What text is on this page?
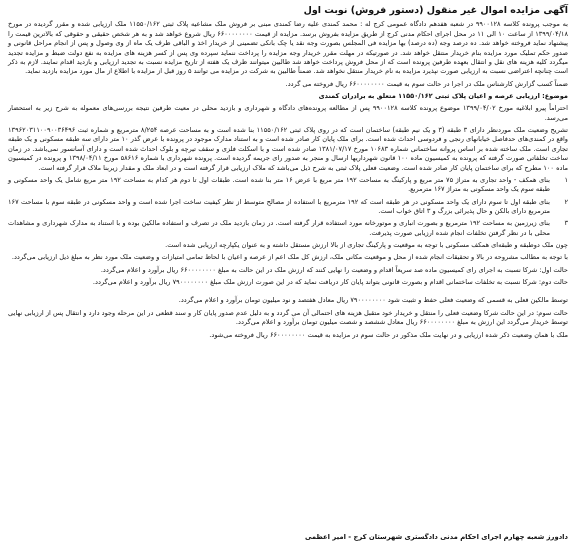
آگهی مزایده اموال غیر منقول (دستور فروش) نوبت اول

به موجب پرونده کلاسه ۹۹۰۰۱۲۸ در شعبه هفدهم دادگاه عمومی کرج له : محمد کمندی علیه رضا کمندی مبنی بر فروش ملک مشاعیه پلاک ثبتی ۱۱۵۵۰/۱۶۲ ملک ارزیابی شده و مقرر گردیده در مورخ ۱۳۹۹/۰۴/۱۸ از ساعت ۱۰ الی ۱۱ در محل اجرای احکام مدنی کرج از طریق مزایده بفروش برسد. مزایده از قیمت ۶۶۰۰۰۰۰۰۰۰ ریال شروع خواهد شد و به هر شخص حقیقی و حقوقی که بالاترین قیمت را پیشنهاد نماید فروخته خواهد شد. ده درصد وجه (ده درصد) بها مزایده فی المجلس بصورت وجه نقد یا چک بانکی تضمینی از خریدار اخذ و الباقی ظرف یک ماه از وی وصول و پس از انجام مراحل قانونی و صدور حکم تملیک مورد مزایده بنام خریدار منتقل خواهد شد. در صورتیکه در مهلت مقرر خریدار وجه مزایده را پرداخت ننماید سپرده وی پس از کسر هزینه های مزایده به نفع دولت ضبط و مزایده تجدید میگردد کلیه هزینه های نقل و انتقال بعهده طرفین پرونده است که از محل فروش پرداخت خواهد شد طالبین میتوانند ظرف یک هفته از تاریخ مزایده نسبت به تجدید ارزیابی و بازدید اقدام نمایند. لازم به ذکر است چنانچه اعتراضی نسبت به ارزیابی صورت نپذیرد مزایده به نام خریدار منتقل نخواهد شد. ضمناً طالبین به شرکت در مزایده می توانند ۵ روز قبل از مزایده با اطلاع از مال مورد مزایده بازدید نماید.

ضمناً کسب گزارش کارشناس ملک در اجرا در حالت سوم به قیمت ۶۶۰۰۰۰۰۰۰۰ ریال فروخته می گردد.

موضوع: ارزیابی عرصه و اعیان پلاک ثبتی ۱۱۵۵۰/۱۶۲ متعلق به برادران کمندی

احتراماً پیرو ابلاغیه مورخ ۱۳۹۹/۰۴/۰۲ موضوع پرونده کلاسه ۹۹۰۰۱۲۸ پس از مطالعه پرونده‌های دادگاه و شهرداری و بازدید محلی در معیت طرفین نتیجه بررسی‌های معموله به شرح زیر به استحضار می‌رسد.

تشریح وضعیت ملک موردنظر دارای ۳ طبقه (۳ و یک نیم طبقه) ساختمان است که در روی پلاک ثبتی ۱۱۵۵۰/۱۶۲ بنا شده است و به مساحت عرصه ۸/۲۵۴ مترمربع و شماره ثبت ۱۳۹۶۲۰۳۱۱۰۰۹۰۰۳۶۴۹۶ واقع در کمندی‌های حدفاصل خیابانهای رنجی و فردوسی احداث شده است. برای ملک پایان کار صادر شده است و به استناد مدارک موجود در پرونده با عرض گذر ۱۰ متر دارای سه طبقه مسکونی و یک طبقه تجاری است. ملک ساخته شده بر اساس پروانه ساختمانی شماره ۱۰۶۸۳ مورخ ۱۳۸۱/۰۷/۱۷ صادر شده است و با اسکلت فلزی و سقف تیرچه و بلوک احداث شده است و دارای آسانسور نمی‌باشد. در زمان ساخت تخلفاتی صورت گرفته که پرونده به کمیسیون ماده ۱۰۰ قانون شهرداریها ارسال و منجر به صدور رای جریمه گردیده است. پرونده شهرداری با شماره ۵۸۶۱۶ مورخ ۱۳۹۸/۰۴/۱۱ و پرونده در کمیسیون ماده ۱۰۰ مطرح که برای ساختمان پایان کار صادر شده است. وضعیت فعلی پلاک ثبتی به شرح ذیل می‌باشد که ملاک ارزیابی قرار گرفته است و در ابعاد ملک و مقدار زیربنا ملاک قرار گرفته است.

۱
بنای همکف - واحد تجاری به متراژ ۷۵ متر مربع و پارکینگ به مساحت ۱۹۲ متر مربع با عرض ۱۶ متر بنا شده است. طبقات اول تا دوم هر کدام به مساحت ۱۹۲ متر مربع شامل یک واحد مسکونی و طبقه سوم یک واحد مسکونی به متراژ ۱۶۷ مترمربع.
۲
بنای طبقه اول تا سوم دارای یک واحد مسکونی در هر طبقه است که ۱۹۲ مترمربع با استفاده از مصالح متوسط از نظر کیفیت ساخت اجرا شده است و واحد مسکونی در طبقه سوم با مساحت ۱۶۷ مترمربع دارای بالکن و حال پذیرائی بزرگ و ۳ اتاق خواب است.
۳
بنای زیرزمین به مساحت ۱۹۲ مترمربع و بصورت انباری و موتورخانه مورد استفاده قرار گرفته است. در زمان بازدید ملک در تصرف و استفاده مالکین بوده و با استناد به مدارک شهرداری و مشاهدات محلی با در نظر گرفتن تخلفات انجام شده ارزیابی صورت پذیرفت.

چون ملک دوطبقه و طبقه‌ای همکف مسکونی با توجه به موقعیت و پارکینگ تجاری از بالا ارزش مستقل داشته و به عنوان یکپارچه ارزیابی شده است.

با توجه به مطالب مشروحه در بالا و تحقیقات انجام شده از محل و موقعیت مکانی ملک، ارزش کل ملک اعم از عرصه و اعیان با لحاظ تمامی امتیازات و وضعیت ملک مورد نظر به مبلغ ذیل ارزیابی می‌گردد.

حالت اول: شرکا نسبت به اجرای رای کمیسیون ماده صد سریعاً اقدام و وضعیت را نهایی کنند که ارزش ملک در این حالت به مبلغ ۶۶۰۰۰۰۰۰۰۰ ریال برآورد و اعلام می‌گردد.

حالت دوم: شرکا نسبت به تخلفات ساختمانی اقدام و بصورت قانونی بتواند پایان کار دریافت نماید که در این صورت ارزش ملک مبلغ ۷۹۰۰۰۰۰۰۰۰ ریال برآورد و اعلام می‌گردد.

توسط مالکین فعلی به قسمی که وضعیت فعلی حفظ و تثبیت شود ۷۹۰۰۰۰۰۰۰۰ ریال معادل هفتصد و نود میلیون تومان برآورد و اعلام می‌گردد.

حالت سوم: در این حالت شرکا وضعیت فعلی را منتقل و خریدار خود متقبل هزینه های احتمالی آن می گردد و به دلیل عدم صدور پایان کار و سند قطعی در این مرحله وجود دارد و انتقال پس از ارزیابی نهایی توسط خریدار می‌گردد این ارزش به مبلغ ۶۶۰۰۰۰۰۰۰۰ ریال معادل ششصد و شصت میلیون تومان برآورد و اعلام می‌گردد.

ملک با همان وضعیت ذکر شده ارزیابی و در نهایت ملک مذکور در حالت سوم در مزایده به قیمت ۶۶۰۰۰۰۰۰۰۰ ریال فروخته می‌شود.

دادورز شعبه چهارم اجرای احکام مدنی دادگستری شهرستان کرج - امیر اعظمی
